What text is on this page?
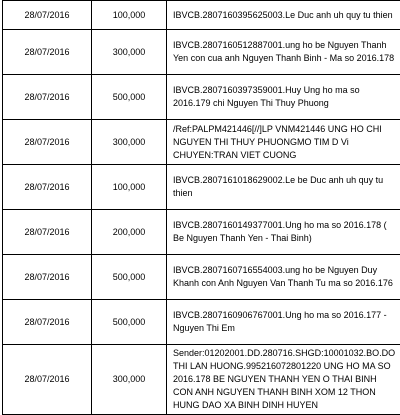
28/07/2016	100,000	IBVCB.2807160395625003.Le Duc anh uh quy tu thien
28/07/2016	300,000	IBVCB.2807160512887001.ung ho be Nguyen Thanh Yen con cua anh Nguyen Thanh Binh - Ma so 2016.178
28/07/2016	500,000	IBVCB.2807160397359001.Huy Ung ho ma so 2016.179 chi Nguyen Thi Thuy Phuong
28/07/2016	300,000	/Ref:PALPM421446[//]LP VNM421446 UNG HO CHI NGUYEN THI THUY PHUONGMO TIM D Vi CHUYEN:TRAN VIET CUONG
28/07/2016	100,000	IBVCB.2807161018629002.Le be Duc anh uh quy tu thien
28/07/2016	200,000	IBVCB.2807160149377001.Ung ho ma so 2016.178 ( Be Nguyen Thanh Yen - Thai Binh)
28/07/2016	500,000	IBVCB.2807160716554003.ung ho be Nguyen Duy Khanh con Anh Nguyen Van Thanh Tu ma so 2016.176
28/07/2016	500,000	IBVCB.2807160906767001.Ung ho ma so 2016.177 - Nguyen Thi Em
28/07/2016	300,000	Sender:01202001.DD.280716.SHGD:10001032.BO.DO THI LAN HUONG.995216072801220 UNG HO MA SO 2016.178 BE NGUYEN THANH YEN O THAI BINH CON ANH NGUYEN THANH BINH XOM 12 THON HUNG DAO XA BINH DINH HUYEN
